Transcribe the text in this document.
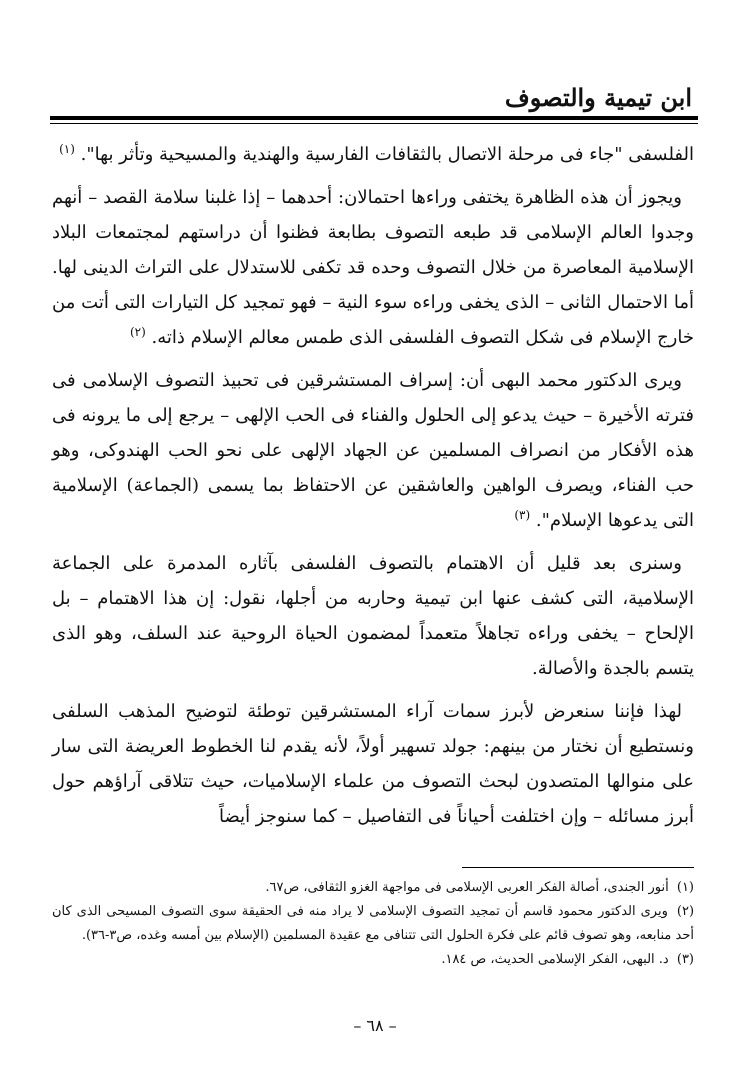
ابن تيمية والتصوف

الفلسفى "جاء فى مرحلة الاتصال بالثقافات الفارسية والهندية والمسيحية وتأثر بها". $^{(١)}$

ويجوز أن هذه الظاهرة يختفى وراءها احتمالان: أحدهما – إذا غلبنا سلامة القصد – أنهم وجدوا العالم الإسلامى قد طبعه التصوف بطابعة فظنوا أن دراستهم لمجتمعات البلاد الإسلامية المعاصرة من خلال التصوف وحده قد تكفى للاستدلال على التراث الدينى لها. أما الاحتمال الثانى – الذى يخفى وراءه سوء النية – فهو تمجيد كل التيارات التى أتت من خارج الإسلام فى شكل التصوف الفلسفى الذى طمس معالم الإسلام ذاته. $^{(٢)}$

ويرى الدكتور محمد البهى أن: إسراف المستشرقين فى تحبيذ التصوف الإسلامى فى فترته الأخيرة – حيث يدعو إلى الحلول والفناء فى الحب الإلهى – يرجع إلى ما يرونه فى هذه الأفكار من انصراف المسلمين عن الجهاد الإلهى على نحو الحب الهندوكى، وهو حب الفناء، ويصرف الواهين والعاشقين عن الاحتفاظ بما يسمى (الجماعة) الإسلامية التى يدعوها الإسلام". $^{(٣)}$

وسنرى بعد قليل أن الاهتمام بالتصوف الفلسفى بآثاره المدمرة على الجماعة الإسلامية، التى كشف عنها ابن تيمية وحاربه من أجلها، نقول: إن هذا الاهتمام – بل الإلحاح – يخفى وراءه تجاهلاً متعمداً لمضمون الحياة الروحية عند السلف، وهو الذى يتسم بالجدة والأصالة.

لهذا فإننا سنعرض لأبرز سمات آراء المستشرقين توطئة لتوضيح المذهب السلفى ونستطيع أن نختار من بينهم: جولد تسهير أولاً، لأنه يقدم لنا الخطوط العريضة التى سار على منوالها المتصدون لبحث التصوف من علماء الإسلاميات، حيث تتلاقى آراؤهم حول أبرز مسائله – وإن اختلفت أحياناً فى التفاصيل – كما سنوجز أيضاً

(١) أنور الجندى، أصالة الفكر العربى الإسلامى فى مواجهة الغزو الثقافى، ص٦٧.

(٢) ويرى الدكتور محمود قاسم أن تمجيد التصوف الإسلامى لا يراد منه فى الحقيقة سوى التصوف المسيحى الذى كان أحد منابعه، وهو تصوف قائم على فكرة الحلول التى تتنافى مع عقيدة المسلمين (الإسلام بين أمسه وغده، ص٣-٣٦).

(٣) د. البهى، الفكر الإسلامى الحديث، ص ١٨٤.

– ٦٨ –
